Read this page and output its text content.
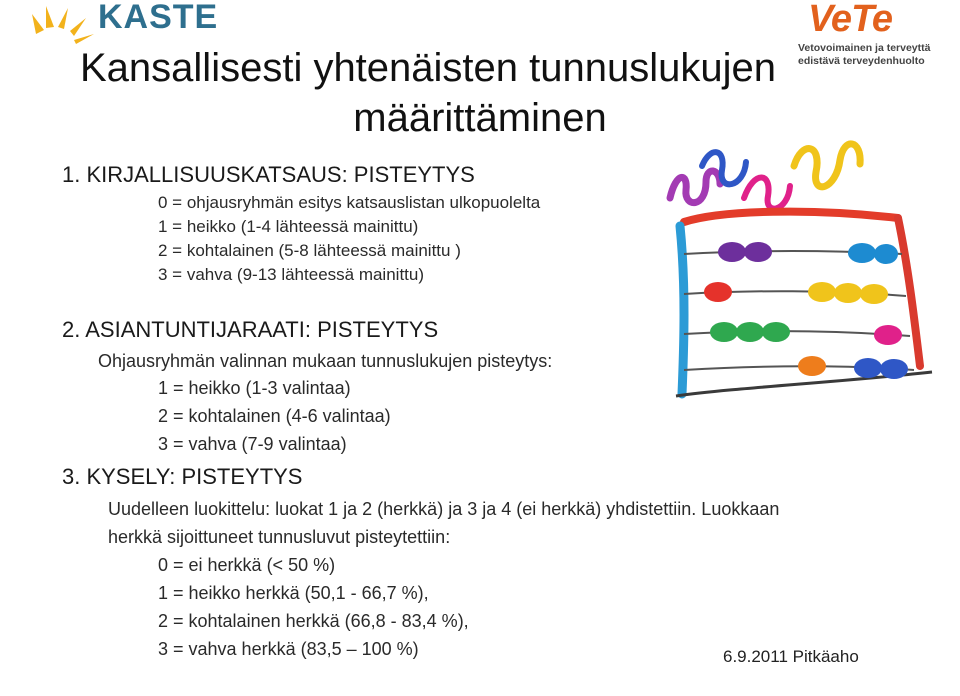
KASTE	VeTe
Vetovoimainen ja terveyttä
edistävä terveydenhuolto
Kansallisesti yhtenäisten tunnuslukujen
määrittäminen
1. KIRJALLISUUSKATSAUS: PISTEYTYS
0 = ohjausryhmän esitys katsauslistan ulkopuolelta
1 = heikko (1-4 lähteessä mainittu)
2 = kohtalainen (5-8 lähteessä mainittu )
3 = vahva (9-13 lähteessä mainittu)
2. ASIANTUNTIJARAATI: PISTEYTYS
Ohjausryhmän valinnan mukaan tunnuslukujen pisteytys:
1 = heikko (1-3 valintaa)
2 = kohtalainen (4-6 valintaa)
3 = vahva (7-9 valintaa)
3. KYSELY: PISTEYTYS
Uudelleen luokittelu: luokat 1 ja 2 (herkkä) ja 3 ja 4 (ei herkkä) yhdistettiin. Luokkaan
herkkä sijoittuneet tunnusluvut pisteytettiin:
0 = ei herkkä (< 50 %)
1 = heikko herkkä (50,1 - 66,7 %),
2 = kohtalainen herkkä (66,8 - 83,4 %),
3 = vahva herkkä (83,5 – 100 %)	6.9.2011 Pitkäaho
